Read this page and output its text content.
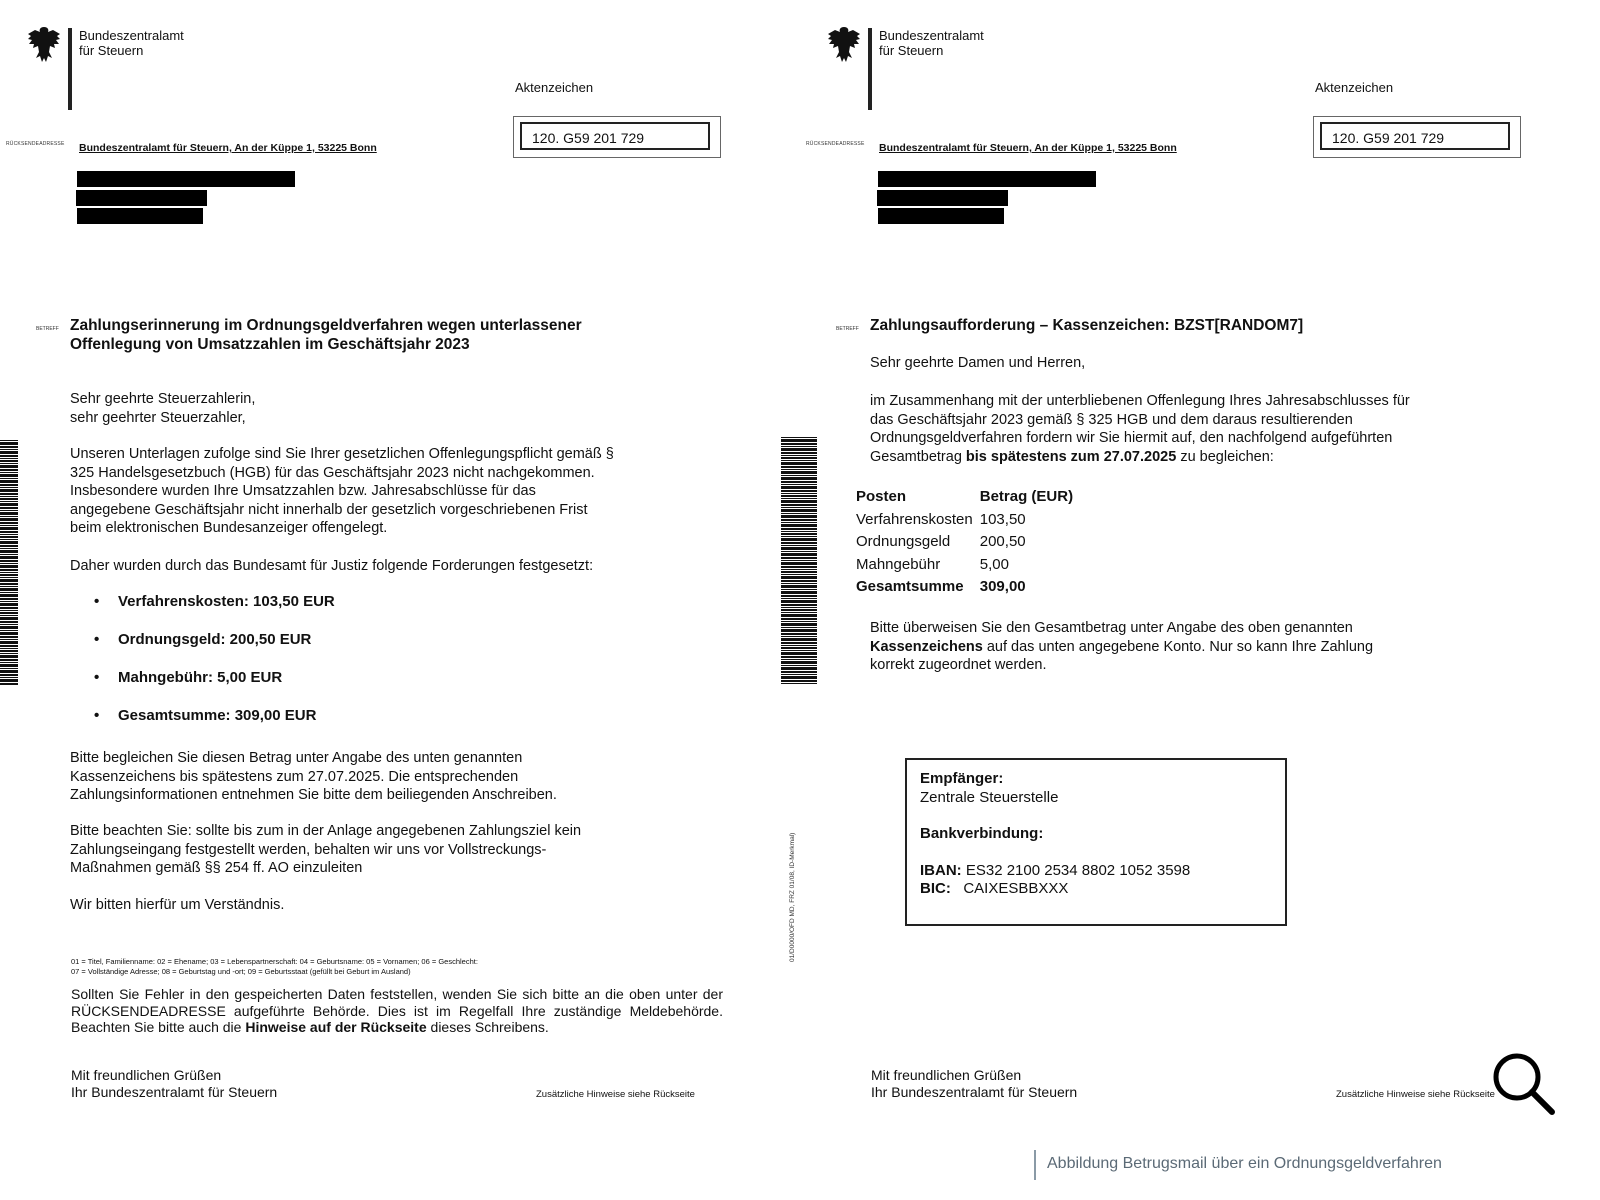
Bundeszentralamt
für Steuern
Aktenzeichen
120. G59 201 729
RÜCKSENDEADRESSE Bundeszentralamt für Steuern, An der Küppe 1, 53225 Bonn
BETREFF Zahlungserinnerung im Ordnungsgeldverfahren wegen unterlassener
Offenlegung von Umsatzzahlen im Geschäftsjahr 2023
Sehr geehrte Steuerzahlerin,
sehr geehrter Steuerzahler,
Unseren Unterlagen zufolge sind Sie Ihrer gesetzlichen Offenlegungspflicht gemäß §
325 Handelsgesetzbuch (HGB) für das Geschäftsjahr 2023 nicht nachgekommen.
Insbesondere wurden Ihre Umsatzzahlen bzw. Jahresabschlüsse für das
angegebene Geschäftsjahr nicht innerhalb der gesetzlich vorgeschriebenen Frist
beim elektronischen Bundesanzeiger offengelegt.
Daher wurden durch das Bundesamt für Justiz folgende Forderungen festgesetzt:
• Verfahrenskosten: 103,50 EUR
• Ordnungsgeld: 200,50 EUR
• Mahngebühr: 5,00 EUR
• Gesamtsumme: 309,00 EUR
Bitte begleichen Sie diesen Betrag unter Angabe des unten genannten
Kassenzeichens bis spätestens zum 27.07.2025. Die entsprechenden
Zahlungsinformationen entnehmen Sie bitte dem beiliegenden Anschreiben.
Bitte beachten Sie: sollte bis zum in der Anlage angegebenen Zahlungsziel kein
Zahlungseingang festgestellt werden, behalten wir uns vor Vollstreckungs-
Maßnahmen gemäß §§ 254 ff. AO einzuleiten
Wir bitten hierfür um Verständnis.
01 = Titel, Familienname: 02 = Ehename; 03 = Lebenspartnerschaft: 04 = Geburtsname: 05 = Vornamen; 06 = Geschlecht:
07 = Vollständige Adresse; 08 = Geburtstag und -ort; 09 = Geburtsstaat (gefüllt bei Geburt im Ausland)
Sollten Sie Fehler in den gespeicherten Daten feststellen, wenden Sie sich bitte an die oben unter der RÜCKSENDEADRESSE aufgeführte Behörde. Dies ist im Regelfall Ihre zuständige Meldebehörde. Beachten Sie bitte auch die Hinweise auf der Rückseite dieses Schreibens.
Mit freundlichen Grüßen
Ihr Bundeszentralamt für Steuern	Zusätzliche Hinweise siehe Rückseite
Bundeszentralamt
für Steuern
Aktenzeichen
120. G59 201 729
RÜCKSENDEADRESSE Bundeszentralamt für Steuern, An der Küppe 1, 53225 Bonn
BETREFF Zahlungsaufforderung – Kassenzeichen: BZST[RANDOM7]
Sehr geehrte Damen und Herren,
im Zusammenhang mit der unterbliebenen Offenlegung Ihres Jahresabschlusses für
das Geschäftsjahr 2023 gemäß § 325 HGB und dem daraus resultierenden
Ordnungsgeldverfahren fordern wir Sie hiermit auf, den nachfolgend aufgeführten
Gesamtbetrag bis spätestens zum 27.07.2025 zu begleichen:
Posten	Betrag (EUR)
Verfahrenskosten	103,50
Ordnungsgeld	200,50
Mahngebühr	5,00
Gesamtsumme	309,00
Bitte überweisen Sie den Gesamtbetrag unter Angabe des oben genannten
Kassenzeichens auf das unten angegebene Konto. Nur so kann Ihre Zahlung
korrekt zugeordnet werden.
Empfänger:
Zentrale Steuerstelle
Bankverbindung:
IBAN: ES32 2100 2534 8802 1052 3598
BIC: CAIXESBBXXX
01/D0000/OFD MD, FRZ 01/08, ID-Merkmal)
Mit freundlichen Grüßen
Ihr Bundeszentralamt für Steuern	Zusätzliche Hinweise siehe Rückseite
Abbildung Betrugsmail über ein Ordnungsgeldverfahren
